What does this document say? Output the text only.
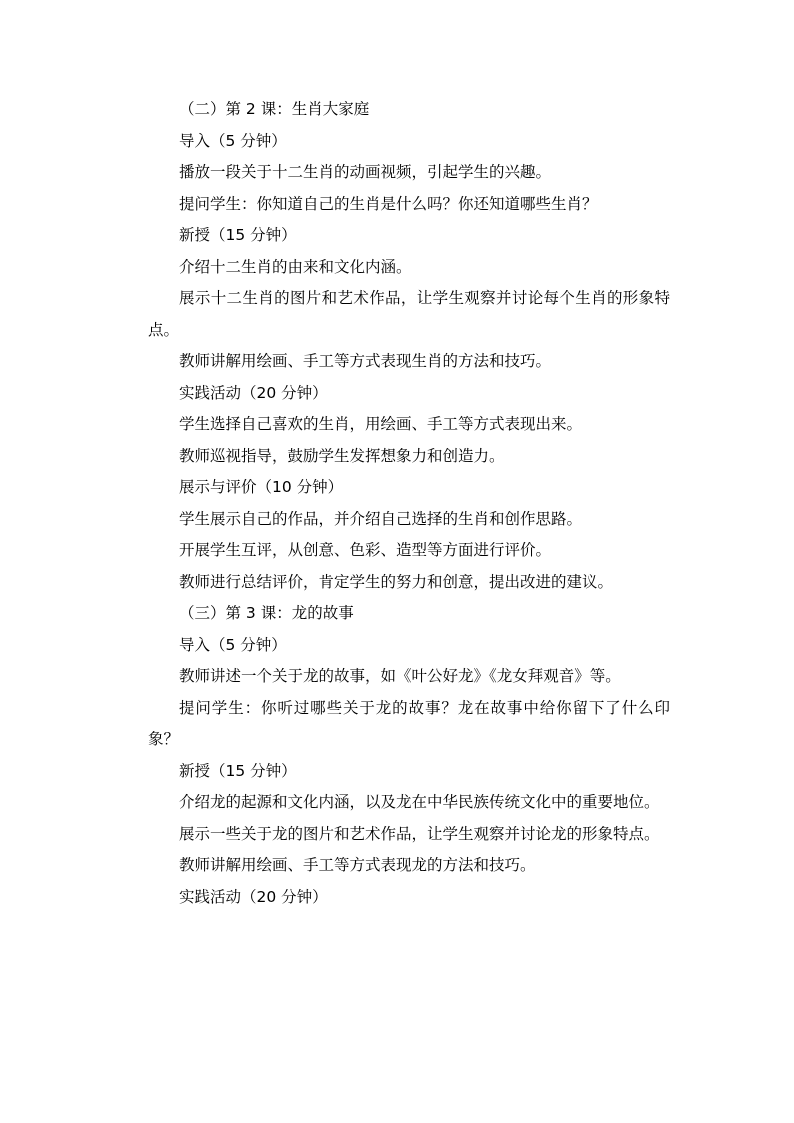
（二）第 2 课：生肖大家庭

导入（5 分钟）

播放一段关于十二生肖的动画视频，引起学生的兴趣。

提问学生：你知道自己的生肖是什么吗？你还知道哪些生肖？

新授（15 分钟）

介绍十二生肖的由来和文化内涵。

展示十二生肖的图片和艺术作品，让学生观察并讨论每个生肖的形象特点。

教师讲解用绘画、手工等方式表现生肖的方法和技巧。

实践活动（20 分钟）

学生选择自己喜欢的生肖，用绘画、手工等方式表现出来。

教师巡视指导，鼓励学生发挥想象力和创造力。

展示与评价（10 分钟）

学生展示自己的作品，并介绍自己选择的生肖和创作思路。

开展学生互评，从创意、色彩、造型等方面进行评价。

教师进行总结评价，肯定学生的努力和创意，提出改进的建议。

（三）第 3 课：龙的故事

导入（5 分钟）

教师讲述一个关于龙的故事，如《叶公好龙》《龙女拜观音》等。

提问学生：你听过哪些关于龙的故事？龙在故事中给你留下了什么印象？

新授（15 分钟）

介绍龙的起源和文化内涵，以及龙在中华民族传统文化中的重要地位。

展示一些关于龙的图片和艺术作品，让学生观察并讨论龙的形象特点。

教师讲解用绘画、手工等方式表现龙的方法和技巧。

实践活动（20 分钟）
